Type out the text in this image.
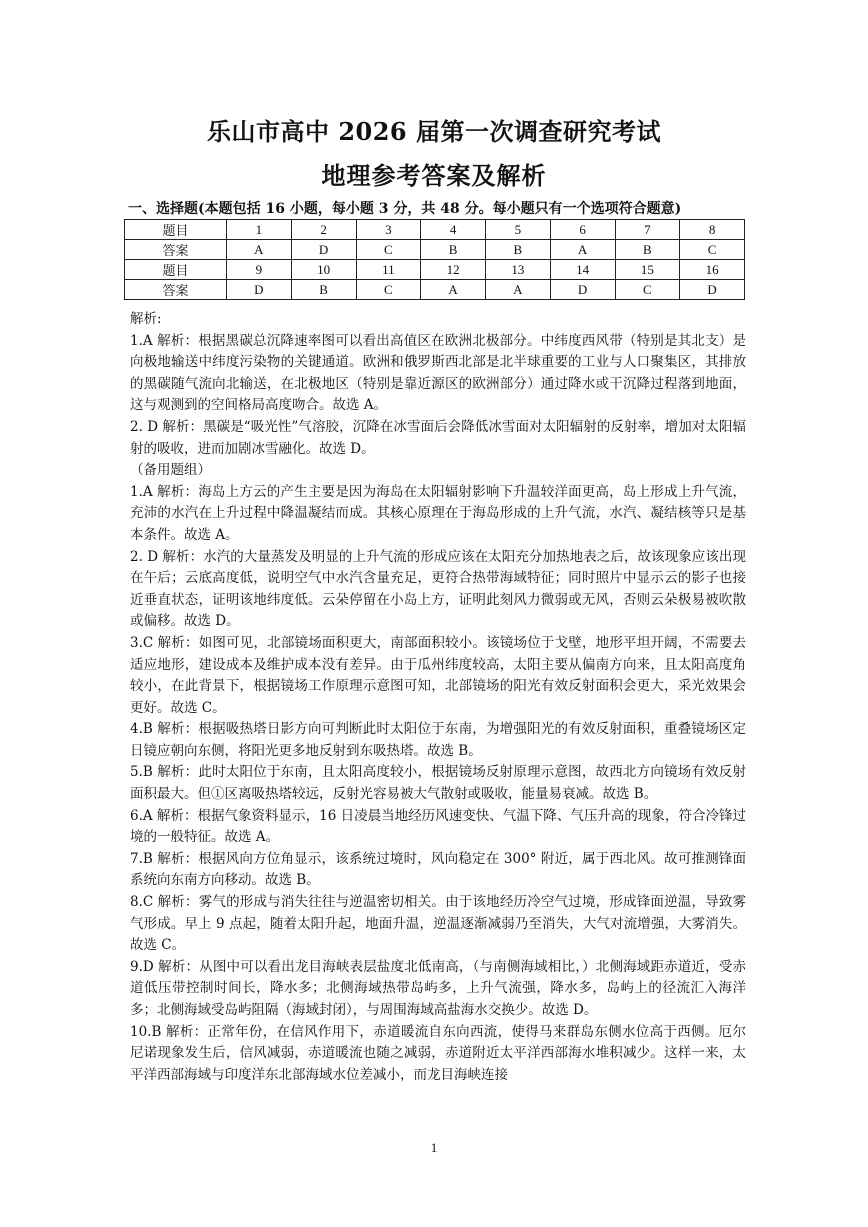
乐山市高中 2026 届第一次调查研究考试
地理参考答案及解析
一、选择题(本题包括 16 小题，每小题 3 分，共 48 分。每小题只有一个选项符合题意)
题目	1	2	3	4	5	6	7	8
答案	A	D	C	B	B	A	B	C
题目	9	10	11	12	13	14	15	16
答案	D	B	C	A	A	D	C	D

解析:

1.A 解析：根据黑碳总沉降速率图可以看出高值区在欧洲北极部分。中纬度西风带（特别是其北支）是向极地输送中纬度污染物的关键通道。欧洲和俄罗斯西北部是北半球重要的工业与人口聚集区，其排放的黑碳随气流向北输送，在北极地区（特别是靠近源区的欧洲部分）通过降水或干沉降过程落到地面，这与观测到的空间格局高度吻合。故选 A。

2. D 解析：黑碳是“吸光性”气溶胶，沉降在冰雪面后会降低冰雪面对太阳辐射的反射率，增加对太阳辐射的吸收，进而加剧冰雪融化。故选 D。

（备用题组）

1.A 解析：海岛上方云的产生主要是因为海岛在太阳辐射影响下升温较洋面更高，岛上形成上升气流，充沛的水汽在上升过程中降温凝结而成。其核心原理在于海岛形成的上升气流，水汽、凝结核等只是基本条件。故选 A。

2. D 解析：水汽的大量蒸发及明显的上升气流的形成应该在太阳充分加热地表之后，故该现象应该出现在午后；云底高度低，说明空气中水汽含量充足，更符合热带海域特征；同时照片中显示云的影子也接近垂直状态，证明该地纬度低。云朵停留在小岛上方，证明此刻风力微弱或无风，否则云朵极易被吹散或偏移。故选 D。

3.C 解析：如图可见，北部镜场面积更大，南部面积较小。该镜场位于戈壁，地形平坦开阔，不需要去适应地形，建设成本及维护成本没有差异。由于瓜州纬度较高，太阳主要从偏南方向来，且太阳高度角较小，在此背景下，根据镜场工作原理示意图可知，北部镜场的阳光有效反射面积会更大，采光效果会更好。故选 C。

4.B 解析：根据吸热塔日影方向可判断此时太阳位于东南，为增强阳光的有效反射面积，重叠镜场区定日镜应朝向东侧，将阳光更多地反射到东吸热塔。故选 B。

5.B 解析：此时太阳位于东南，且太阳高度较小，根据镜场反射原理示意图，故西北方向镜场有效反射面积最大。但①区离吸热塔较远，反射光容易被大气散射或吸收，能量易衰减。故选 B。

6.A 解析：根据气象资料显示，16 日凌晨当地经历风速变快、气温下降、气压升高的现象，符合冷锋过境的一般特征。故选 A。

7.B 解析：根据风向方位角显示，该系统过境时，风向稳定在 300° 附近，属于西北风。故可推测锋面系统向东南方向移动。故选 B。

8.C 解析：雾气的形成与消失往往与逆温密切相关。由于该地经历冷空气过境，形成锋面逆温，导致雾气形成。早上 9 点起，随着太阳升起，地面升温，逆温逐渐减弱乃至消失，大气对流增强，大雾消失。故选 C。

9.D 解析：从图中可以看出龙目海峡表层盐度北低南高，（与南侧海域相比，）北侧海域距赤道近，受赤道低压带控制时间长，降水多；北侧海域热带岛屿多，上升气流强，降水多，岛屿上的径流汇入海洋多；北侧海域受岛屿阻隔（海域封闭），与周围海域高盐海水交换少。故选 D。

10.B 解析：正常年份，在信风作用下，赤道暖流自东向西流，使得马来群岛东侧水位高于西侧。厄尔尼诺现象发生后，信风减弱，赤道暖流也随之减弱，赤道附近太平洋西部海水堆积减少。这样一来，太平洋西部海域与印度洋东北部海域水位差减小，而龙目海峡连接

1
